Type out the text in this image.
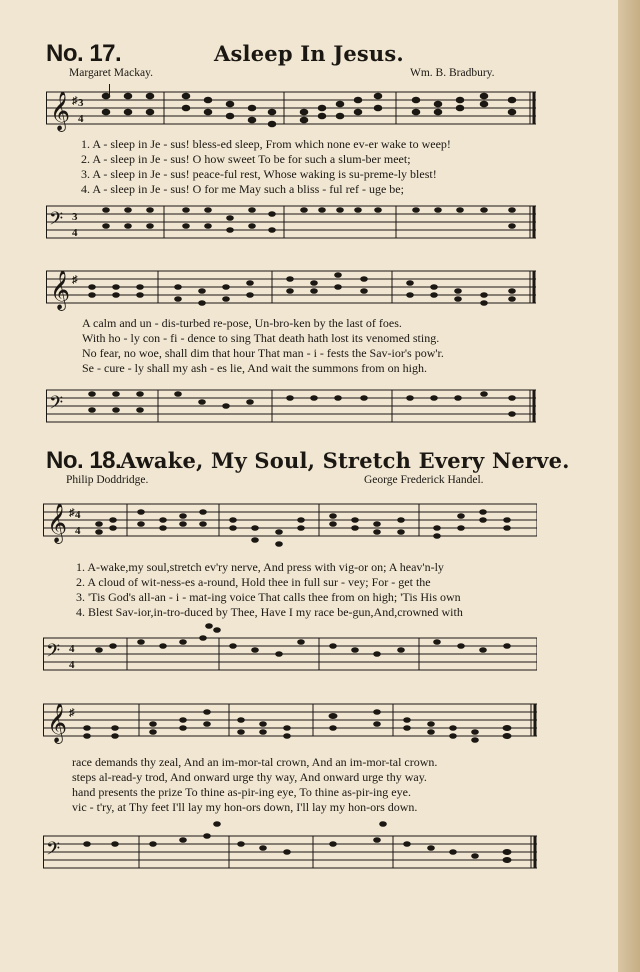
No. 17.	Asleep In Jesus.
Margaret Mackay.	Wm. B. Bradbury.
𝄞 ♯ 3
4
1. A - sleep in Je - sus! bless-ed sleep, From which none ev-er wake to weep!
2. A - sleep in Je - sus! O how sweet To be for such a slum-ber meet;
3. A - sleep in Je - sus! peace-ful rest, Whose waking is su-preme-ly blest!
4. A - sleep in Je - sus! O for me May such a bliss - ful ref - uge be;
𝄢 3
4
𝄞 ♯
A calm and un - dis-turbed re-pose, Un-bro-ken by the last of foes.
With ho - ly con - fi - dence to sing That death hath lost its venomed sting.
No fear, no woe, shall dim that hour That man - i - fests the Sav-ior's pow'r.
Se - cure - ly shall my ash - es lie, And wait the summons from on high.
𝄢
No. 18.
Awake, My Soul, Stretch Every Nerve.
Philip Doddridge.	George Frederick Handel.
𝄞 ♯ 4
4
1. A-wake,my soul,stretch ev'ry nerve, And press with vig-or on; A heav'n-ly
2. A cloud of wit-ness-es a-round, Hold thee in full sur - vey; For - get the
3. 'Tis God's all-an - i - mat-ing voice That calls thee from on high; 'Tis His own
4. Blest Sav-ior,in-tro-duced by Thee, Have I my race be-gun,And,crowned with
𝄢 4
4
𝄞 ♯
race demands thy zeal, And an im-mor-tal crown, And an im-mor-tal crown.
steps al-read-y trod, And onward urge thy way, And onward urge thy way.
hand presents the prize To thine as-pir-ing eye, To thine as-pir-ing eye.
vic - t'ry, at Thy feet I'll lay my hon-ors down, I'll lay my hon-ors down.
𝄢
